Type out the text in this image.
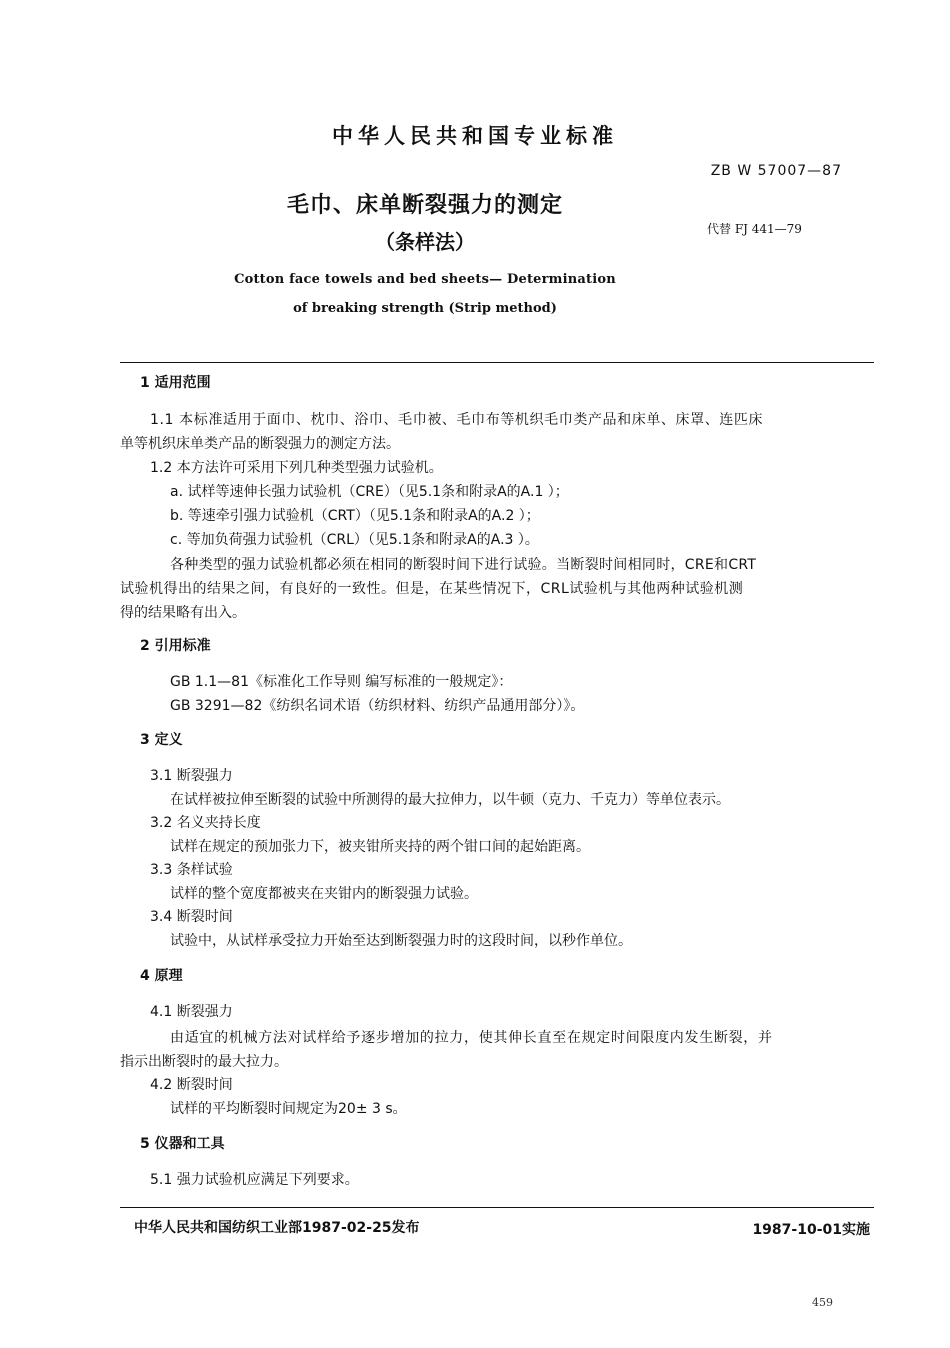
中华人民共和国专业标准
ZB W 57007—87
毛巾、床单断裂强力的测定
代替 FJ 441—79
（条样法）
Cotton face towels and bed sheets— Determination
of breaking strength (Strip method)
1 适用范围
1.1 本标准适用于面巾、枕巾、浴巾、毛巾被、毛巾布等机织毛巾类产品和床单、床罩、连匹床
单等机织床单类产品的断裂强力的测定方法。
1.2 本方法许可采用下列几种类型强力试验机。
a. 试样等速伸长强力试验机（CRE）（见5.1条和附录A的A.1 ）；
b. 等速牵引强力试验机（CRT）（见5.1条和附录A的A.2 ）；
c. 等加负荷强力试验机（CRL）（见5.1条和附录A的A.3 ）。
各种类型的强力试验机都必须在相同的断裂时间下进行试验。当断裂时间相同时，CRE和CRT
试验机得出的结果之间，有良好的一致性。但是，在某些情况下，CRL试验机与其他两种试验机测
得的结果略有出入。
2 引用标准
GB 1.1—81《标准化工作导则 编写标准的一般规定》：
GB 3291—82《纺织名词术语（纺织材料、纺织产品通用部分）》。
3 定义
3.1 断裂强力
在试样被拉伸至断裂的试验中所测得的最大拉伸力，以牛顿（克力、千克力）等单位表示。
3.2 名义夹持长度
试样在规定的预加张力下，被夹钳所夹持的两个钳口间的起始距离。
3.3 条样试验
试样的整个宽度都被夹在夹钳内的断裂强力试验。
3.4 断裂时间
试验中，从试样承受拉力开始至达到断裂强力时的这段时间，以秒作单位。
4 原理
4.1 断裂强力
由适宜的机械方法对试样给予逐步增加的拉力，使其伸长直至在规定时间限度内发生断裂，并
指示出断裂时的最大拉力。
4.2 断裂时间
试样的平均断裂时间规定为20± 3 s。
5 仪器和工具
5.1 强力试验机应满足下列要求。
中华人民共和国纺织工业部1987-02-25发布	1987-10-01实施
459
